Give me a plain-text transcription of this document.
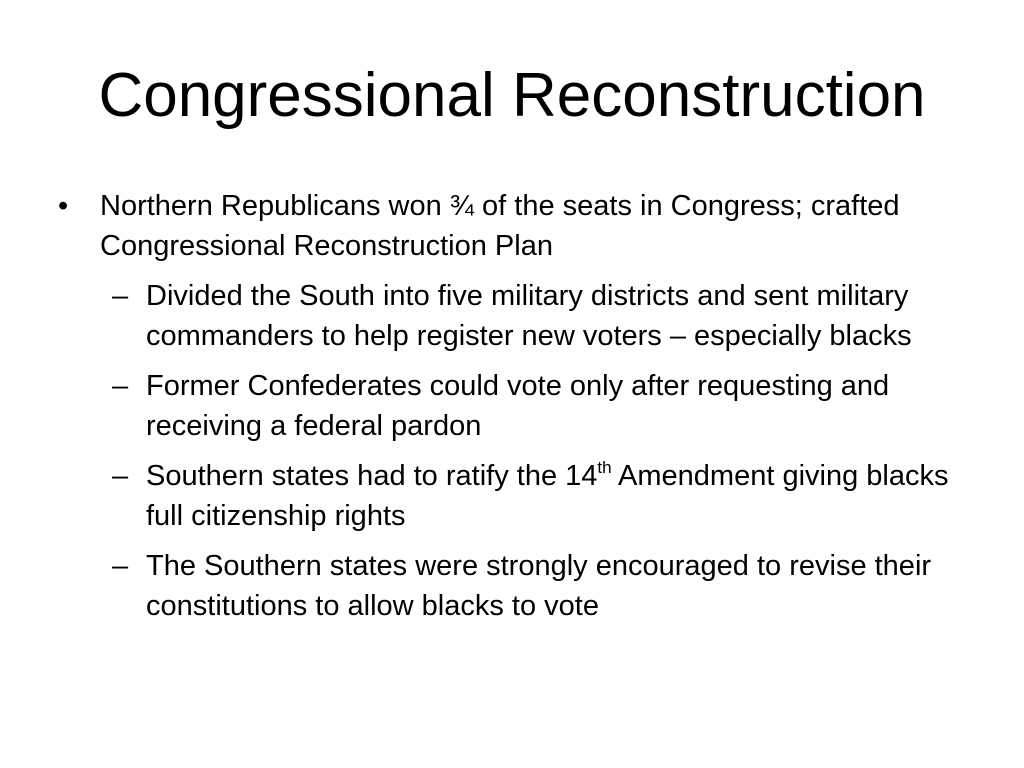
Congressional Reconstruction
• Northern Republicans won ¾ of the seats in Congress; crafted Congressional Reconstruction Plan
– Divided the South into five military districts and sent military commanders to help register new voters – especially blacks
– Former Confederates could vote only after requesting and receiving a federal pardon
– Southern states had to ratify the 14th Amendment giving blacks full citizenship rights
– The Southern states were strongly encouraged to revise their constitutions to allow blacks to vote
